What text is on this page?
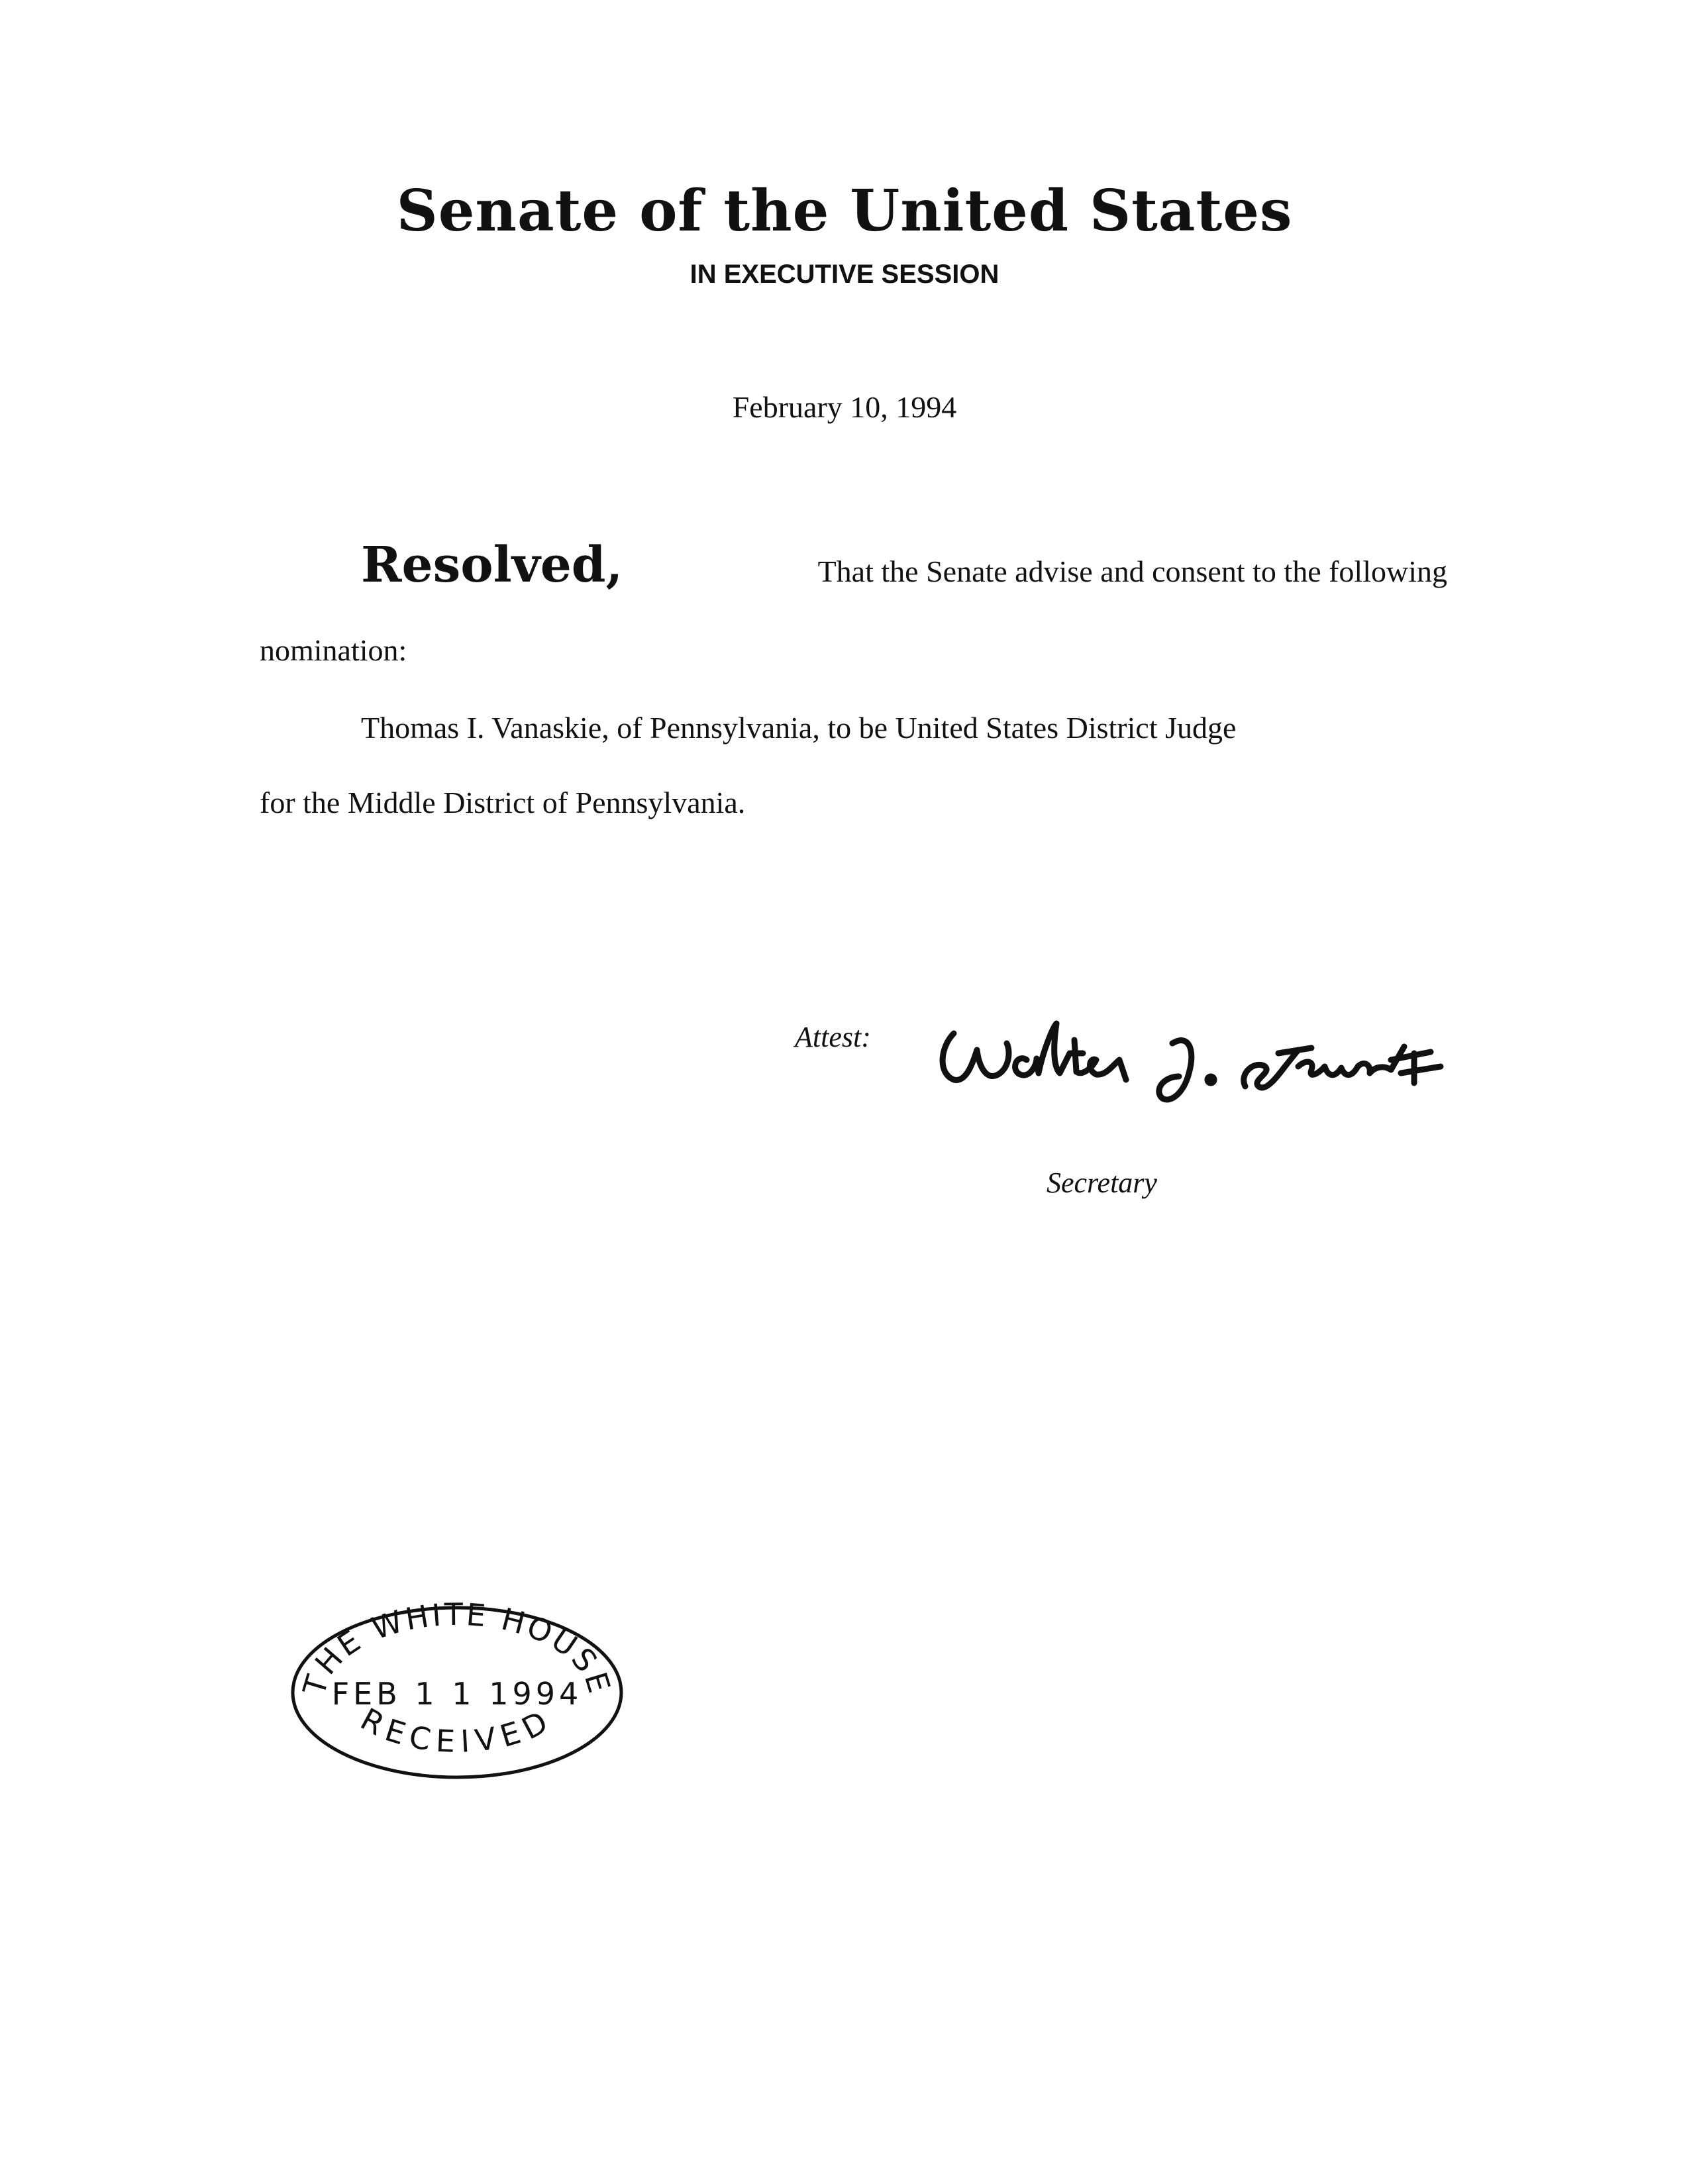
Senate of the United States
IN EXECUTIVE SESSION
February 10, 1994
Resolved,	That the Senate advise and consent to the following
nomination:
Thomas I. Vanaskie, of Pennsylvania, to be United States District Judge
for the Middle District of Pennsylvania.
Attest:
Secretary
THE WHITE HOUSE
FEB 1 1 1994
RECEIVED
